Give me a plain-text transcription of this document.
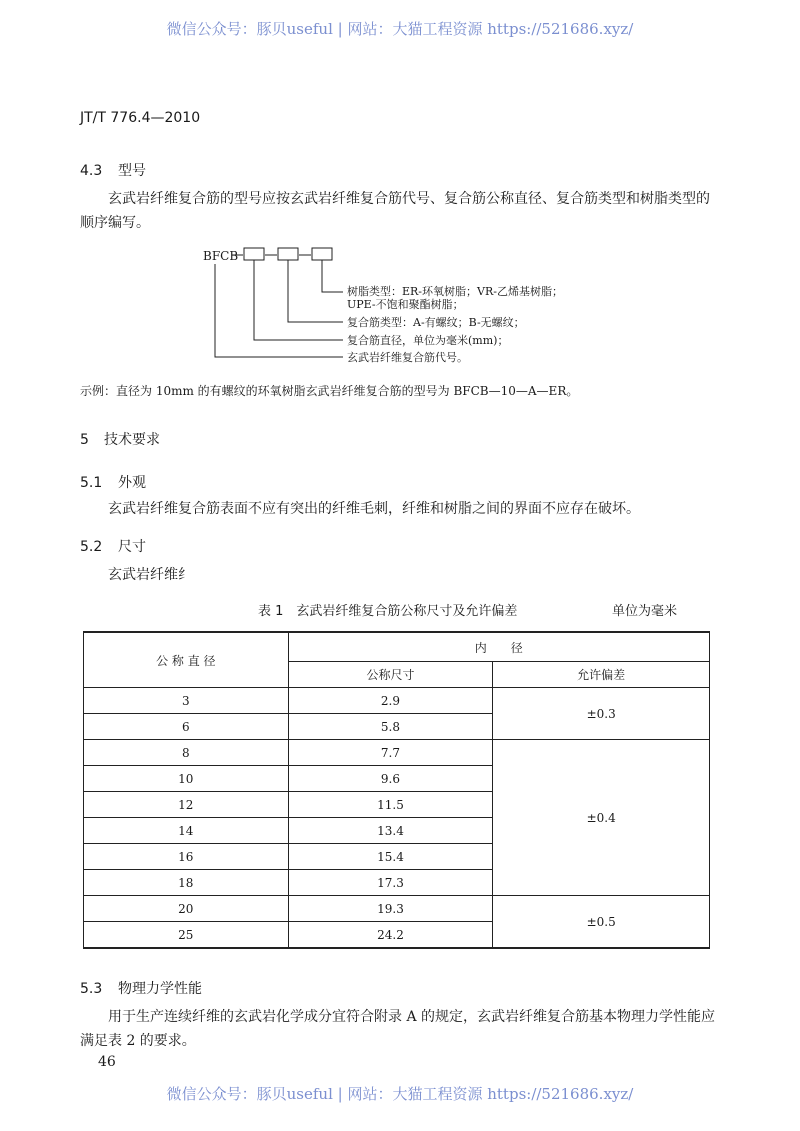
微信公众号：豚贝useful | 网站：大猫工程资源 https://521686.xyz/
JT/T 776.4—2010
4.3 型号
玄武岩纤维复合筋的型号应按玄武岩纤维复合筋代号、复合筋公称直径、复合筋类型和树脂类型的
顺序编写。
BFCB
树脂类型：ER-环氧树脂；VR-乙烯基树脂；
UPE-不饱和聚酯树脂；
复合筋类型：A-有螺纹；B-无螺纹；
复合筋直径，单位为毫米(mm)；
玄武岩纤维复合筋代号。
示例：直径为 10mm 的有螺纹的环氧树脂玄武岩纤维复合筋的型号为 BFCB—10—A—ER。
5 技术要求
5.1 外观
玄武岩纤维复合筋表面不应有突出的纤维毛刺，纤维和树脂之间的界面不应存在破坏。
5.2 尺寸
玄武岩纤维纟
表 1　玄武岩纤维复合筋公称尺寸及允许偏差	单位为毫米
公 称 直 径	内　　径	
	公称尺寸	允许偏差
3	2.9	±0.3
6	5.8	
8	7.7	±0.4
10	9.6	
12	11.5	
14	13.4	
16	15.4	
18	17.3	
20	19.3	±0.5
25	24.2	
5.3 物理力学性能
用于生产连续纤维的玄武岩化学成分宜符合附录 A 的规定，玄武岩纤维复合筋基本物理力学性能应
满足表 2 的要求。
46
微信公众号：豚贝useful | 网站：大猫工程资源 https://521686.xyz/
